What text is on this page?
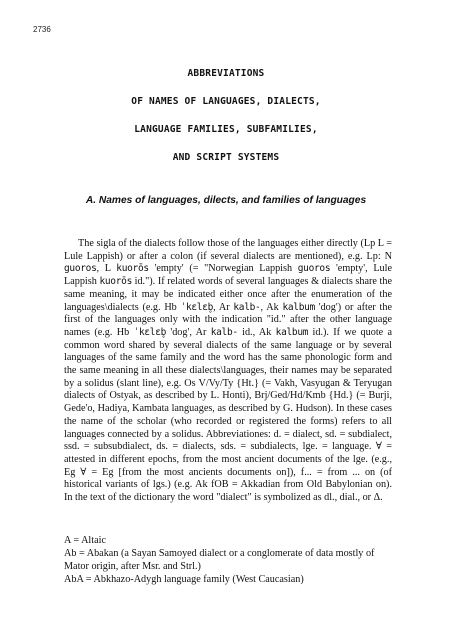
2736
ABBREVIATIONS
OF NAMES OF LANGUAGES, DIALECTS,
LANGUAGE FAMILIES, SUBFAMILIES,
AND SCRIPT SYSTEMS
A. Names of languages, dilects, and families of languages

The sigla of the dialects follow those of the languages either directly (Lp L = Lule Lappish) or after a colon (if several dialects are mentioned), e.g. Lp: N guoros, L kuorōs 'empty' (= "Norwegian Lappish guoros 'empty', Lule Lappish kuorōs id."). If related words of several languages & dialects share the same meaning, it may be indicated either once after the enumeration of the languages\dialects (e.g. Hb ˈkɛlɛb̥, Ar kalb-, Ak kalbum 'dog') or after the first of the languages only with the indication "id." after the other language names (e.g. Hb ˈkɛlɛb̥ 'dog', Ar kalb- id., Ak kalbum id.). If we quote a common word shared by several dialects of the same language or by several languages of the same family and the word has the same phonologic form and the same meaning in all these dialects\languages, their names may be separated by a solidus (slant line), e.g. Os V/Vy/Ty {Ht.} (= Vakh, Vasyugan & Teryugan dialects of Ostyak, as described by L. Honti), Brj/Ged/Hd/Kmb {Hd.} (= Burji, Gede'o, Hadiya, Kambata languages, as described by G. Hudson). In these cases the name of the scholar (who recorded or registered the forms) refers to all languages connected by a solidus. Abbreviationes: d. = dialect, sd. = subdialect, ssd. = subsubdialect, ds. = dialects, sds. = subdialects, lge. = language. ∀ = attested in different epochs, from the most ancient documents of the lge. (e.g., Eg ∀ = Eg [from the most ancients documents on]), f... = from ... on (of historical variants of lgs.) (e.g. Ak fOB = Akkadian from Old Babylonian on). In the text of the dictionary the word "dialect" is symbolized as dl., dial., or Δ.

A = Altaic
Ab = Abakan (a Sayan Samoyed dialect or a conglomerate of data mostly of Mator origin, after Msr. and Strl.)
AbA = Abkhazo-Adygh language family (West Caucasian)
